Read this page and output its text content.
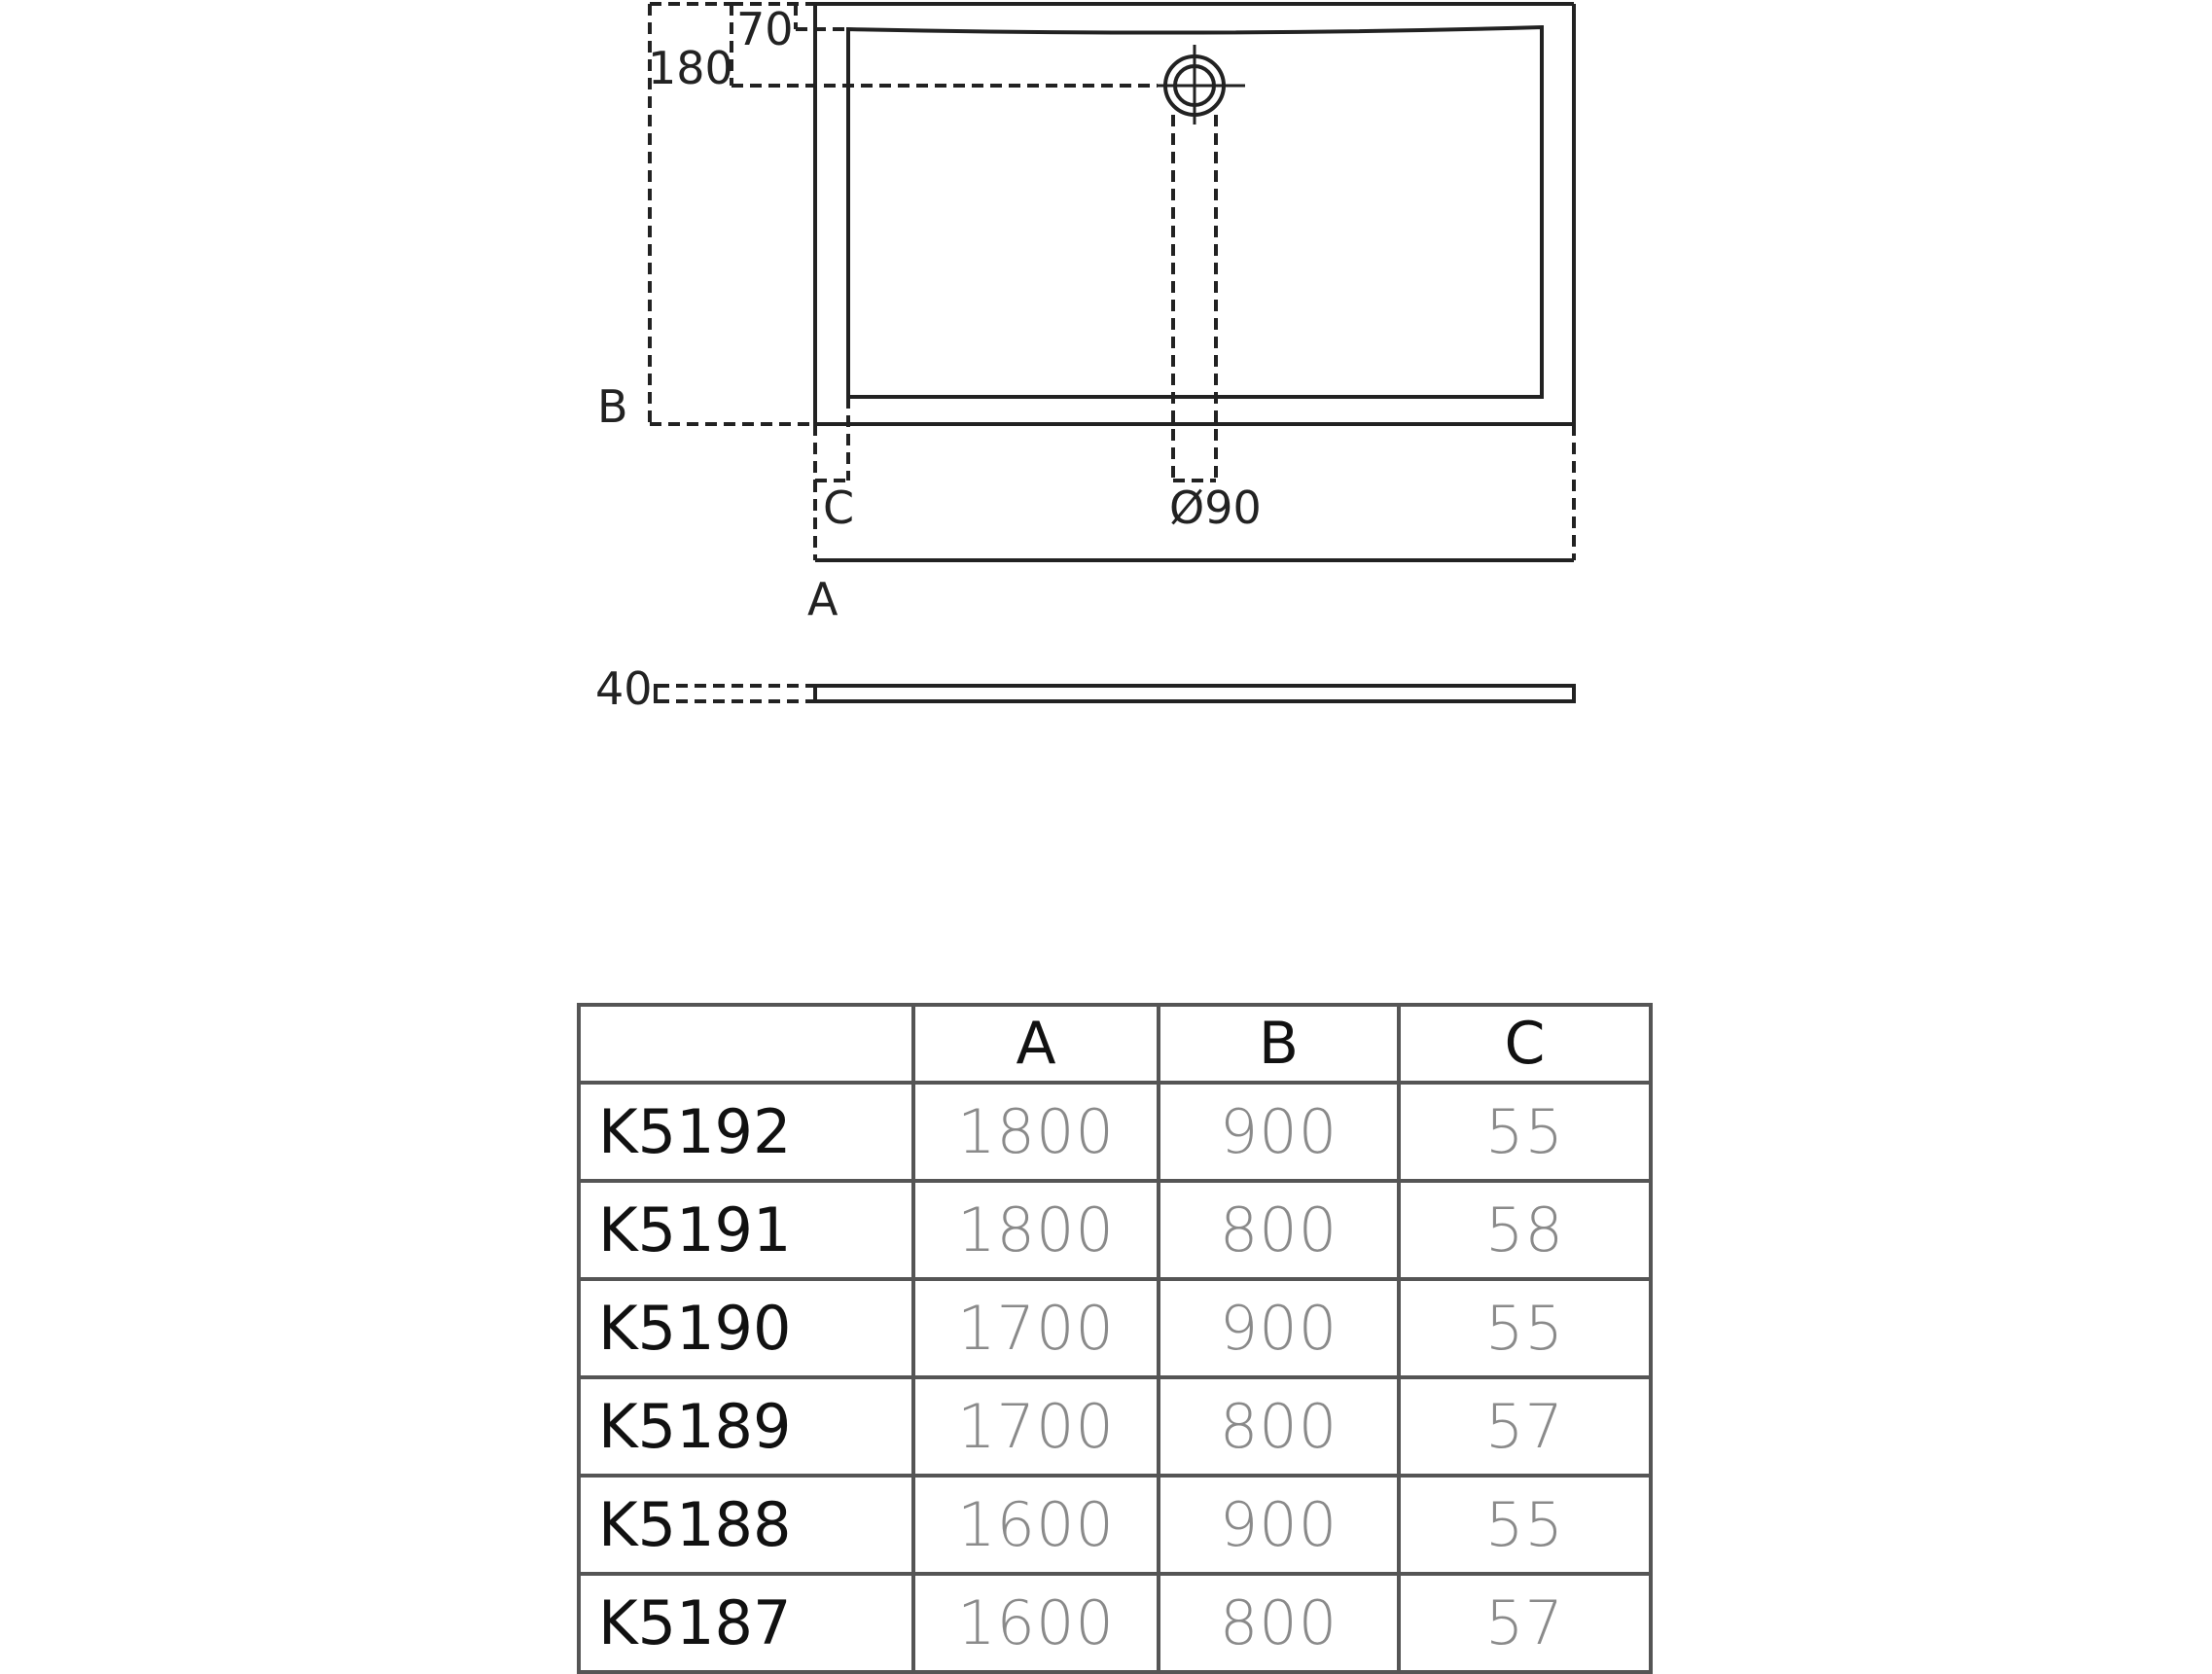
70
180
B
C
A
Ø90
40
	A	B	C
K5192	1800	900	55
K5191	1800	800	58
K5190	1700	900	55
K5189	1700	800	57
K5188	1600	900	55
K5187	1600	800	57
